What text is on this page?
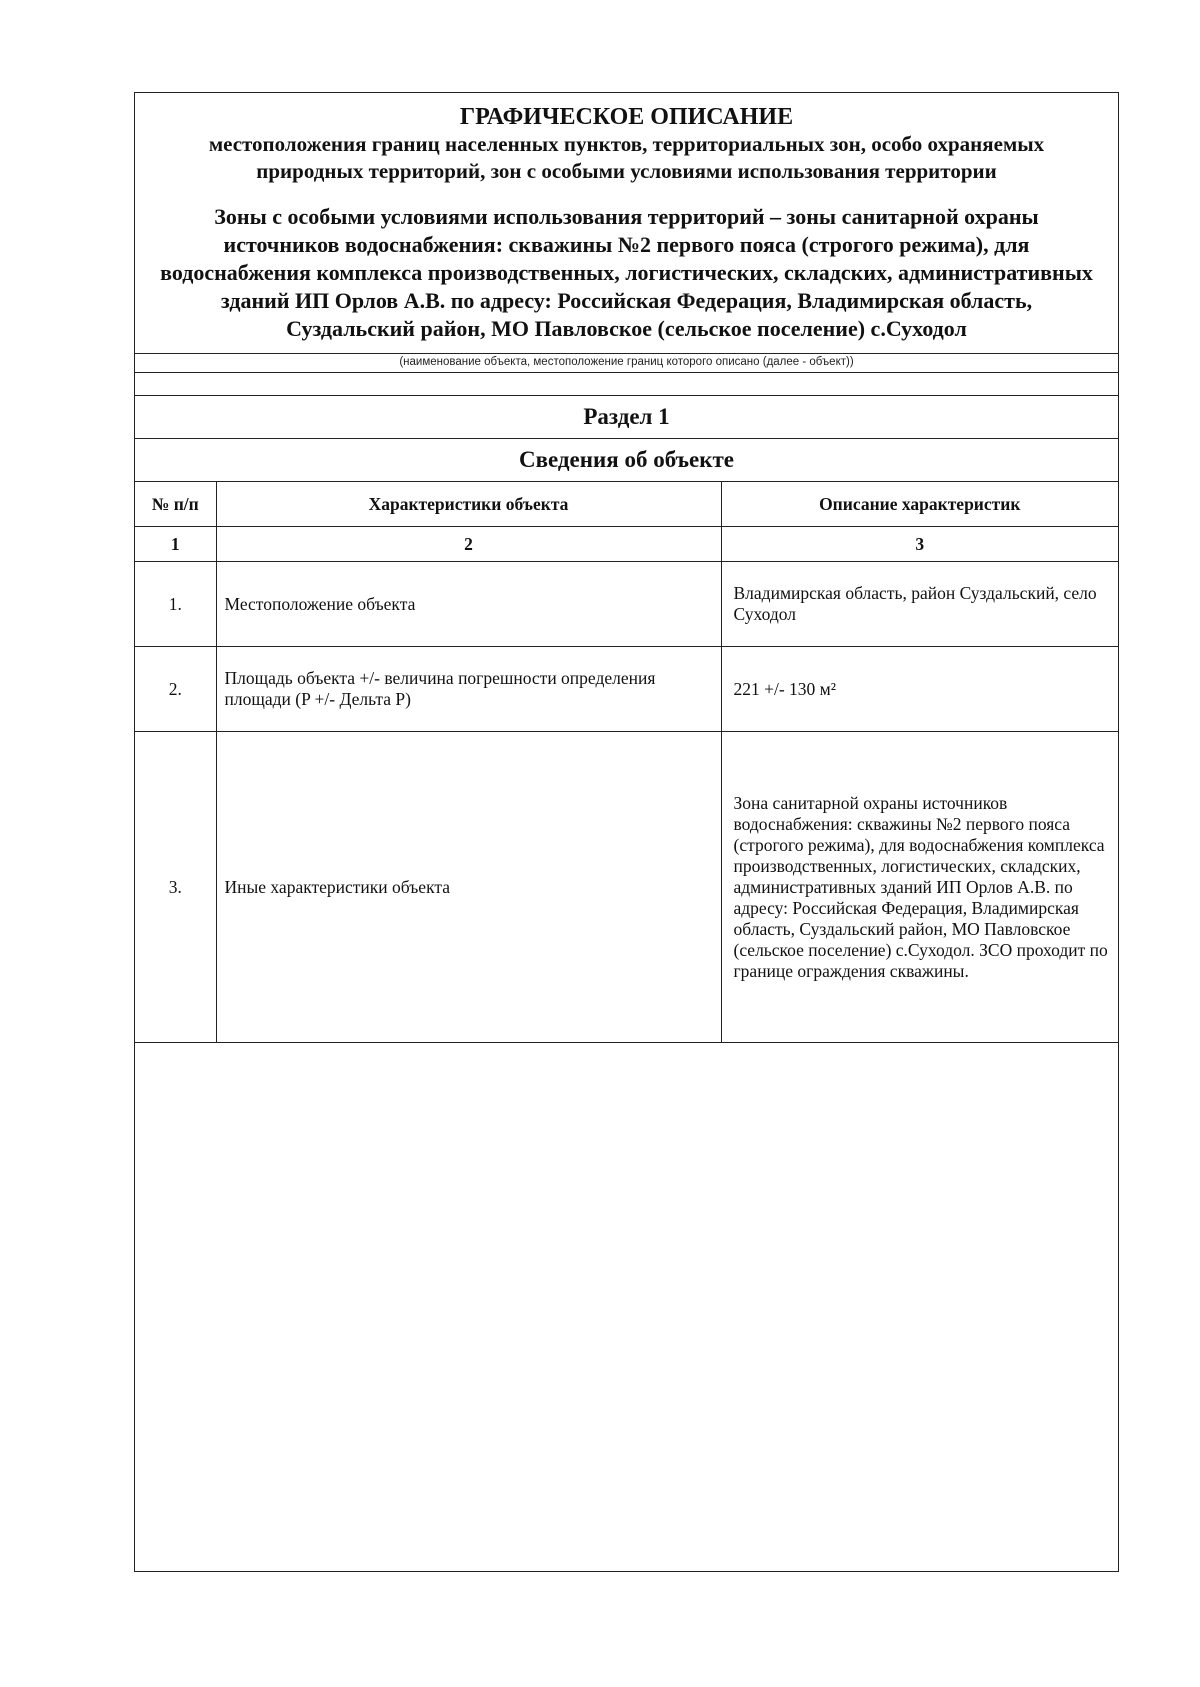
ГРАФИЧЕСКОЕ ОПИСАНИЕ
местоположения границ населенных пунктов, территориальных зон, особо охраняемых природных территорий, зон с особыми условиями использования территории
Зоны с особыми условиями использования территорий – зоны санитарной охраны источников водоснабжения: скважины №2 первого пояса (строгого режима), для водоснабжения комплекса производственных, логистических, складских, административных зданий ИП Орлов А.В. по адресу: Российская Федерация, Владимирская область, Суздальский район, МО Павловское (сельское поселение) с.Суходол
(наименование объекта, местоположение границ которого описано (далее - объект))
Раздел 1
Сведения об объекте
№ п/п	Характеристики объекта	Описание характеристик
1	2	3
1.	Местоположение объекта	Владимирская область, район Суздальский, село Суходол
2.	Площадь объекта +/- величина погрешности определения площади (P +/- Дельта P)	221 +/- 130 м²
3.	Иные характеристики объекта	Зона санитарной охраны источников водоснабжения: скважины №2 первого пояса (строгого режима), для водоснабжения комплекса производственных, логистических, складских, административных зданий ИП Орлов А.В. по адресу: Российская Федерация, Владимирская область, Суздальский район, МО Павловское (сельское поселение) с.Суходол. ЗСО проходит по границе ограждения скважины.
